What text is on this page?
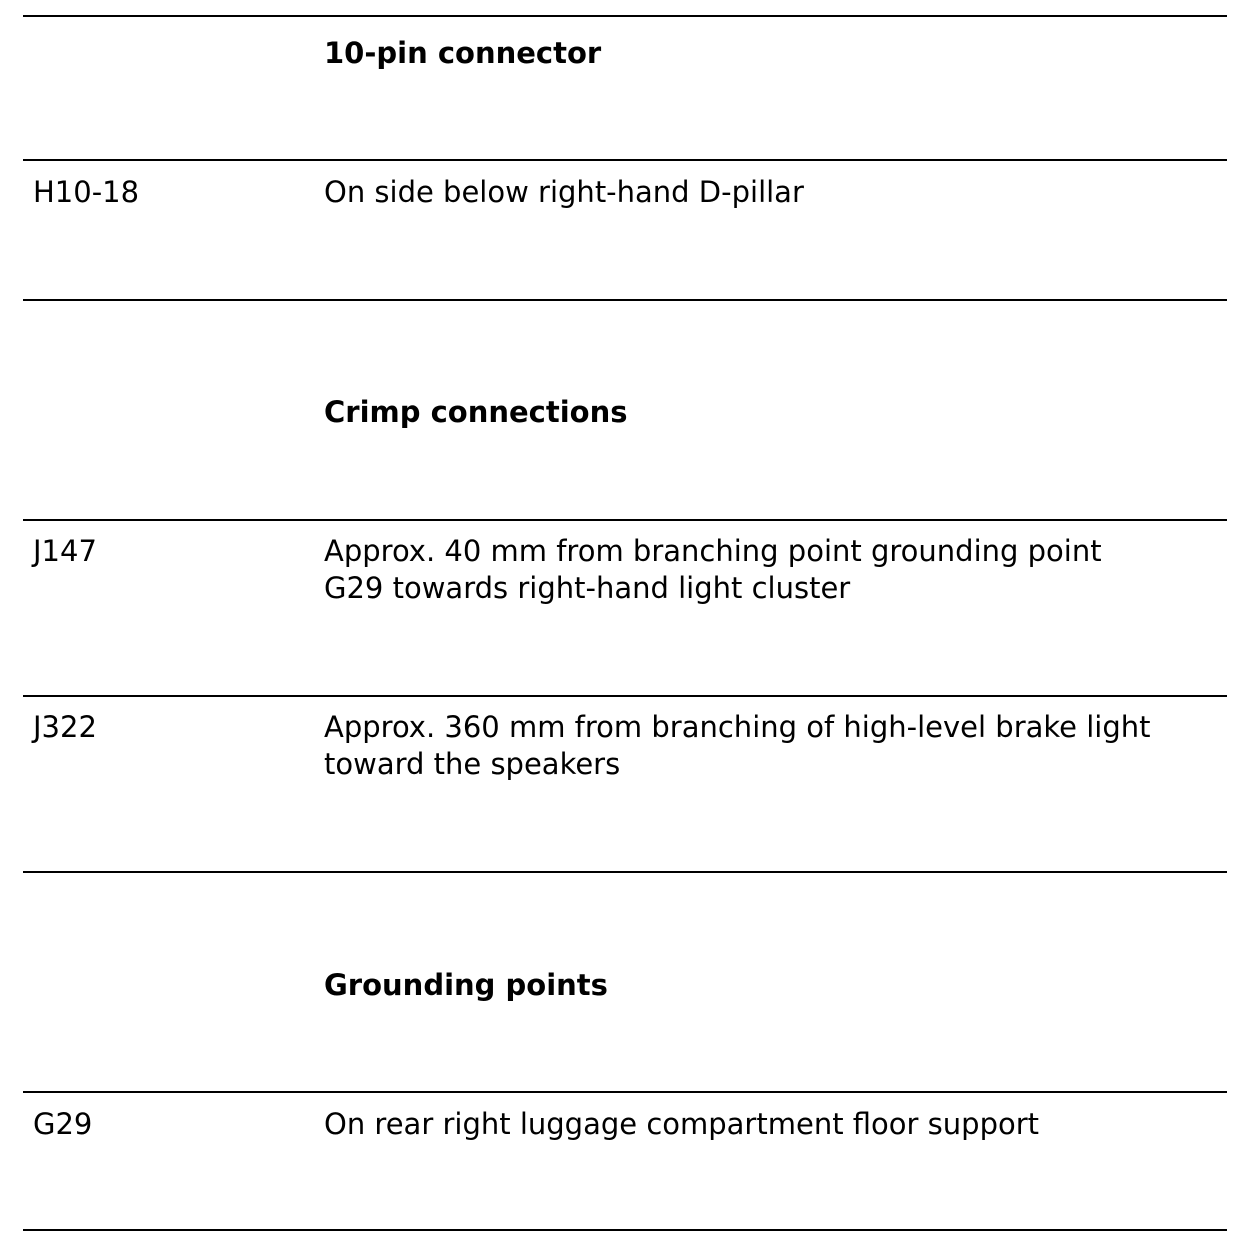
10-pin connector
H10-18	On side below right-hand D-pillar
Crimp connections
J147	Approx. 40 mm from branching point grounding point
G29 towards right-hand light cluster
J322	Approx. 360 mm from branching of high-level brake light
toward the speakers
Grounding points
G29	On rear right luggage compartment floor support
